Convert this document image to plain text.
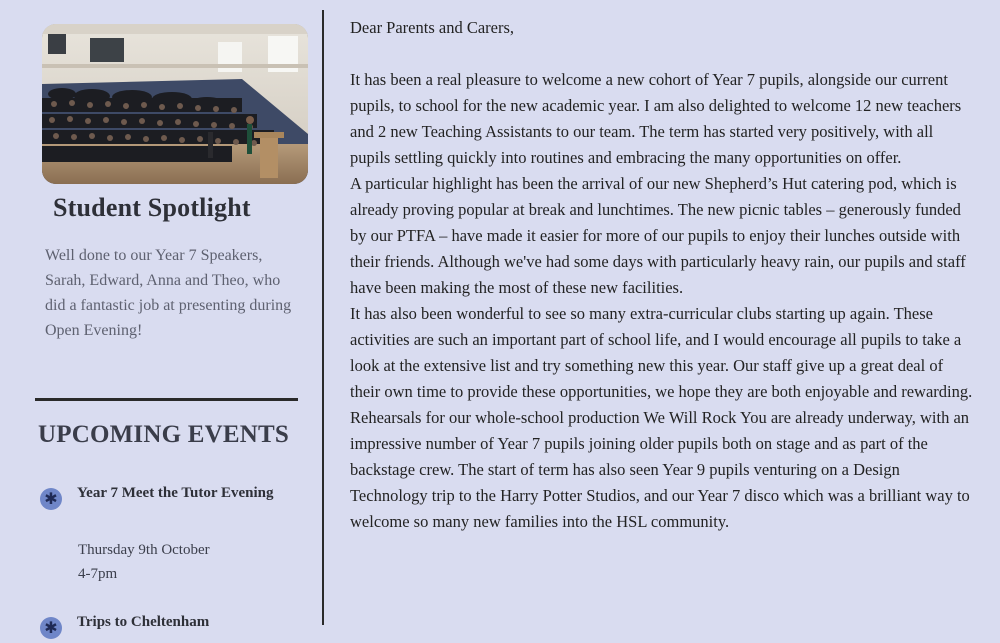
Student Spotlight

Well done to our Year 7 Speakers, Sarah, Edward, Anna and Theo, who did a fantastic job at presenting during Open Evening!

UPCOMING EVENTS
✱ Year 7 Meet the Tutor Evening
Thursday 9th October
4-7pm
✱ Trips to Cheltenham

Dear Parents and Carers,

It has been a real pleasure to welcome a new cohort of Year 7 pupils, alongside our current pupils, to school for the new academic year. I am also delighted to welcome 12 new teachers and 2 new Teaching Assistants to our team. The term has started very positively, with all pupils settling quickly into routines and embracing the many opportunities on offer.

A particular highlight has been the arrival of our new Shepherd’s Hut catering pod, which is already proving popular at break and lunchtimes. The new picnic tables – generously funded by our PTFA – have made it easier for more of our pupils to enjoy their lunches outside with their friends. Although we've had some days with particularly heavy rain, our pupils and staff have been making the most of these new facilities.

It has also been wonderful to see so many extra-curricular clubs starting up again. These activities are such an important part of school life, and I would encourage all pupils to take a look at the extensive list and try something new this year. Our staff give up a great deal of their own time to provide these opportunities, we hope they are both enjoyable and rewarding.

Rehearsals for our whole-school production We Will Rock You are already underway, with an impressive number of Year 7 pupils joining older pupils both on stage and as part of the backstage crew. The start of term has also seen Year 9 pupils venturing on a Design Technology trip to the Harry Potter Studios, and our Year 7 disco which was a brilliant way to welcome so many new families into the HSL community.
